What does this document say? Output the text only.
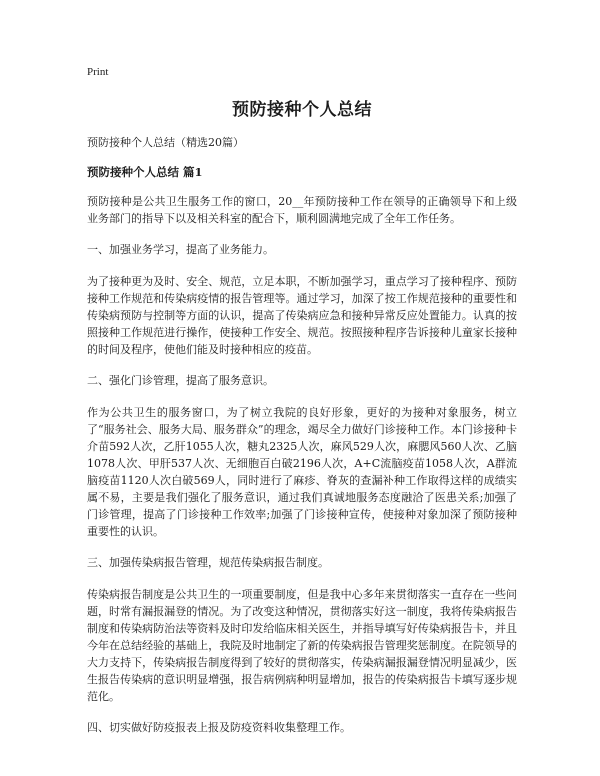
Print
预防接种个人总结
预防接种个人总结（精选20篇）
预防接种个人总结 篇1

预防接种是公共卫生服务工作的窗口，20__年预防接种工作在领导的正确领导下和上级业务部门的指导下以及相关科室的配合下，顺利圆满地完成了全年工作任务。

一、加强业务学习，提高了业务能力。

为了接种更为及时、安全、规范，立足本职，不断加强学习，重点学习了接种程序、预防接种工作规范和传染病疫情的报告管理等。通过学习，加深了按工作规范接种的重要性和传染病预防与控制等方面的认识，提高了传染病应急和接种异常反应处置能力。认真的按照接种工作规范进行操作，使接种工作安全、规范。按照接种程序告诉接种儿童家长接种的时间及程序，使他们能及时接种相应的疫苗。

二、强化门诊管理，提高了服务意识。

作为公共卫生的服务窗口，为了树立我院的良好形象，更好的为接种对象服务，树立了“服务社会、服务大局、服务群众”的理念，竭尽全力做好门诊接种工作。本门诊接种卡介苗592人次，乙肝1055人次，糖丸2325人次，麻风529人次，麻腮风560人次、乙脑1078人次、甲肝537人次、无细胞百白破2196人次，A+C流脑疫苗1058人次，A群流脑疫苗1120人次白破569人，同时进行了麻疹、脊灰的查漏补种工作取得这样的成绩实属不易，主要是我们强化了服务意识，通过我们真诚地服务态度融洽了医患关系;加强了门诊管理，提高了门诊接种工作效率;加强了门诊接种宣传，使接种对象加深了预防接种重要性的认识。

三、加强传染病报告管理，规范传染病报告制度。

传染病报告制度是公共卫生的一项重要制度，但是我中心多年来贯彻落实一直存在一些问题，时常有漏报漏登的情况。为了改变这种情况，贯彻落实好这一制度，我将传染病报告制度和传染病防治法等资料及时印发给临床相关医生，并指导填写好传染病报告卡，并且今年在总结经验的基础上，我院及时地制定了新的传染病报告管理奖惩制度。在院领导的大力支持下，传染病报告制度得到了较好的贯彻落实，传染病漏报漏登情况明显减少，医生报告传染病的意识明显增强，报告病例病种明显增加，报告的传染病报告卡填写逐步规范化。

四、切实做好防疫报表上报及防疫资料收集整理工作。
